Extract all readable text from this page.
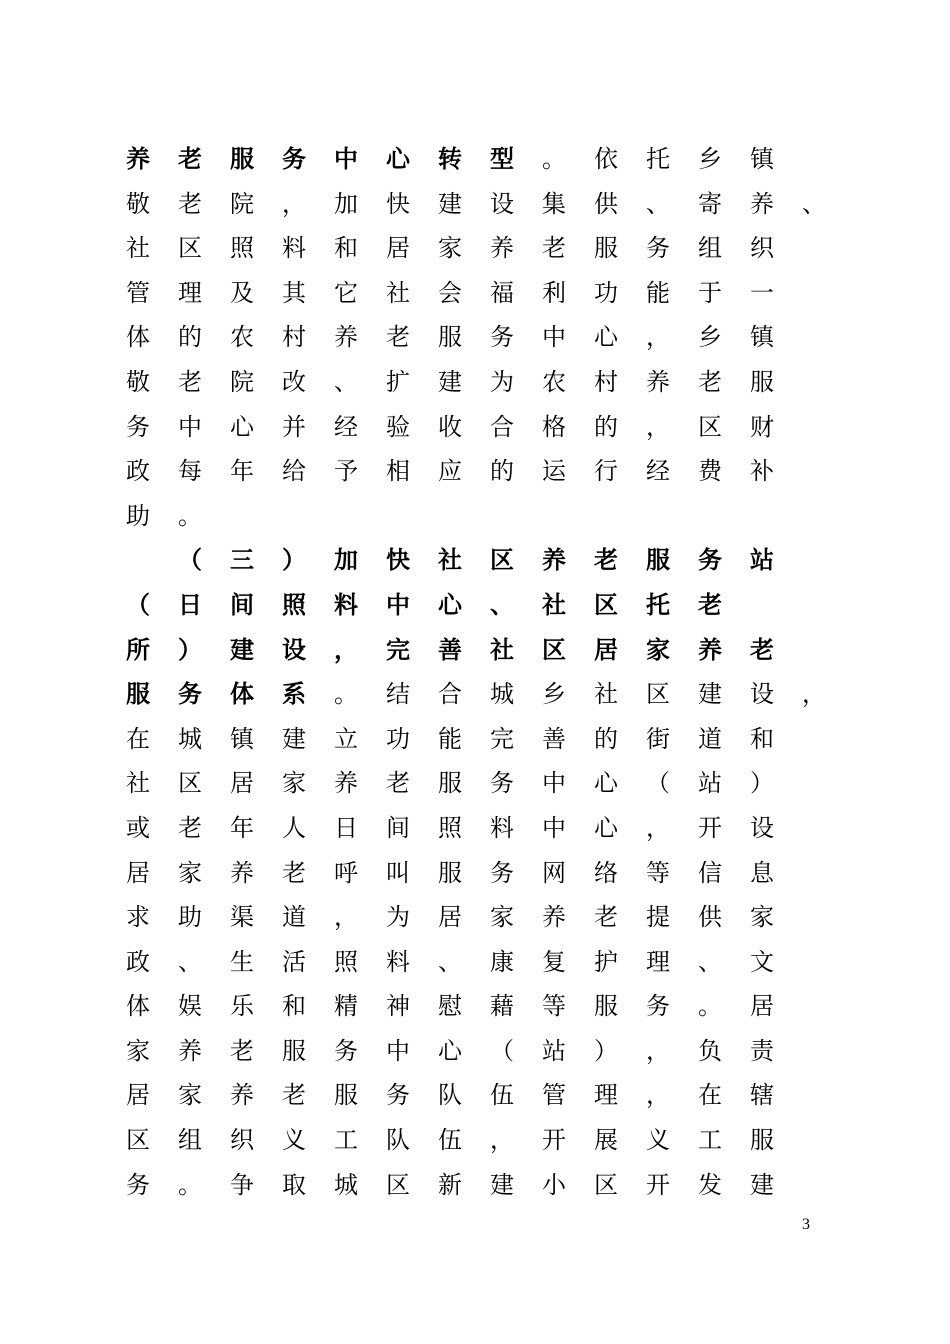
养 老 服 务 中 心 转 型 。 依 托 乡 镇
敬 老 院 ， 加 快 建 设 集 供 、 寄 养 、
社 区 照 料 和 居 家 养 老 服 务 组 织
管 理 及 其 它 社 会 福 利 功 能 于 一
体 的 农 村 养 老 服 务 中 心 ， 乡 镇
敬 老 院 改 、 扩 建 为 农 村 养 老 服
务 中 心 并 经 验 收 合 格 的 ， 区 财
政 每 年 给 予 相 应 的 运 行 经 费 补
助 。
（ 三 ） 加 快 社 区 养 老 服 务 站
（ 日 间 照 料 中 心 、 社 区 托 老
所 ） 建 设 ， 完 善 社 区 居 家 养 老
服 务 体 系 。 结 合 城 乡 社 区 建 设 ，
在 城 镇 建 立 功 能 完 善 的 街 道 和
社 区 居 家 养 老 服 务 中 心 （ 站 ）
或 老 年 人 日 间 照 料 中 心 ， 开 设
居 家 养 老 呼 叫 服 务 网 络 等 信 息
求 助 渠 道 ， 为 居 家 养 老 提 供 家
政 、 生 活 照 料 、 康 复 护 理 、 文
体 娱 乐 和 精 神 慰 藉 等 服 务 。 居
家 养 老 服 务 中 心 （ 站 ） ， 负 责
居 家 养 老 服 务 队 伍 管 理 ， 在 辖
区 组 织 义 工 队 伍 ， 开 展 义 工 服
务 。 争 取 城 区 新 建 小 区 开 发 建
3
